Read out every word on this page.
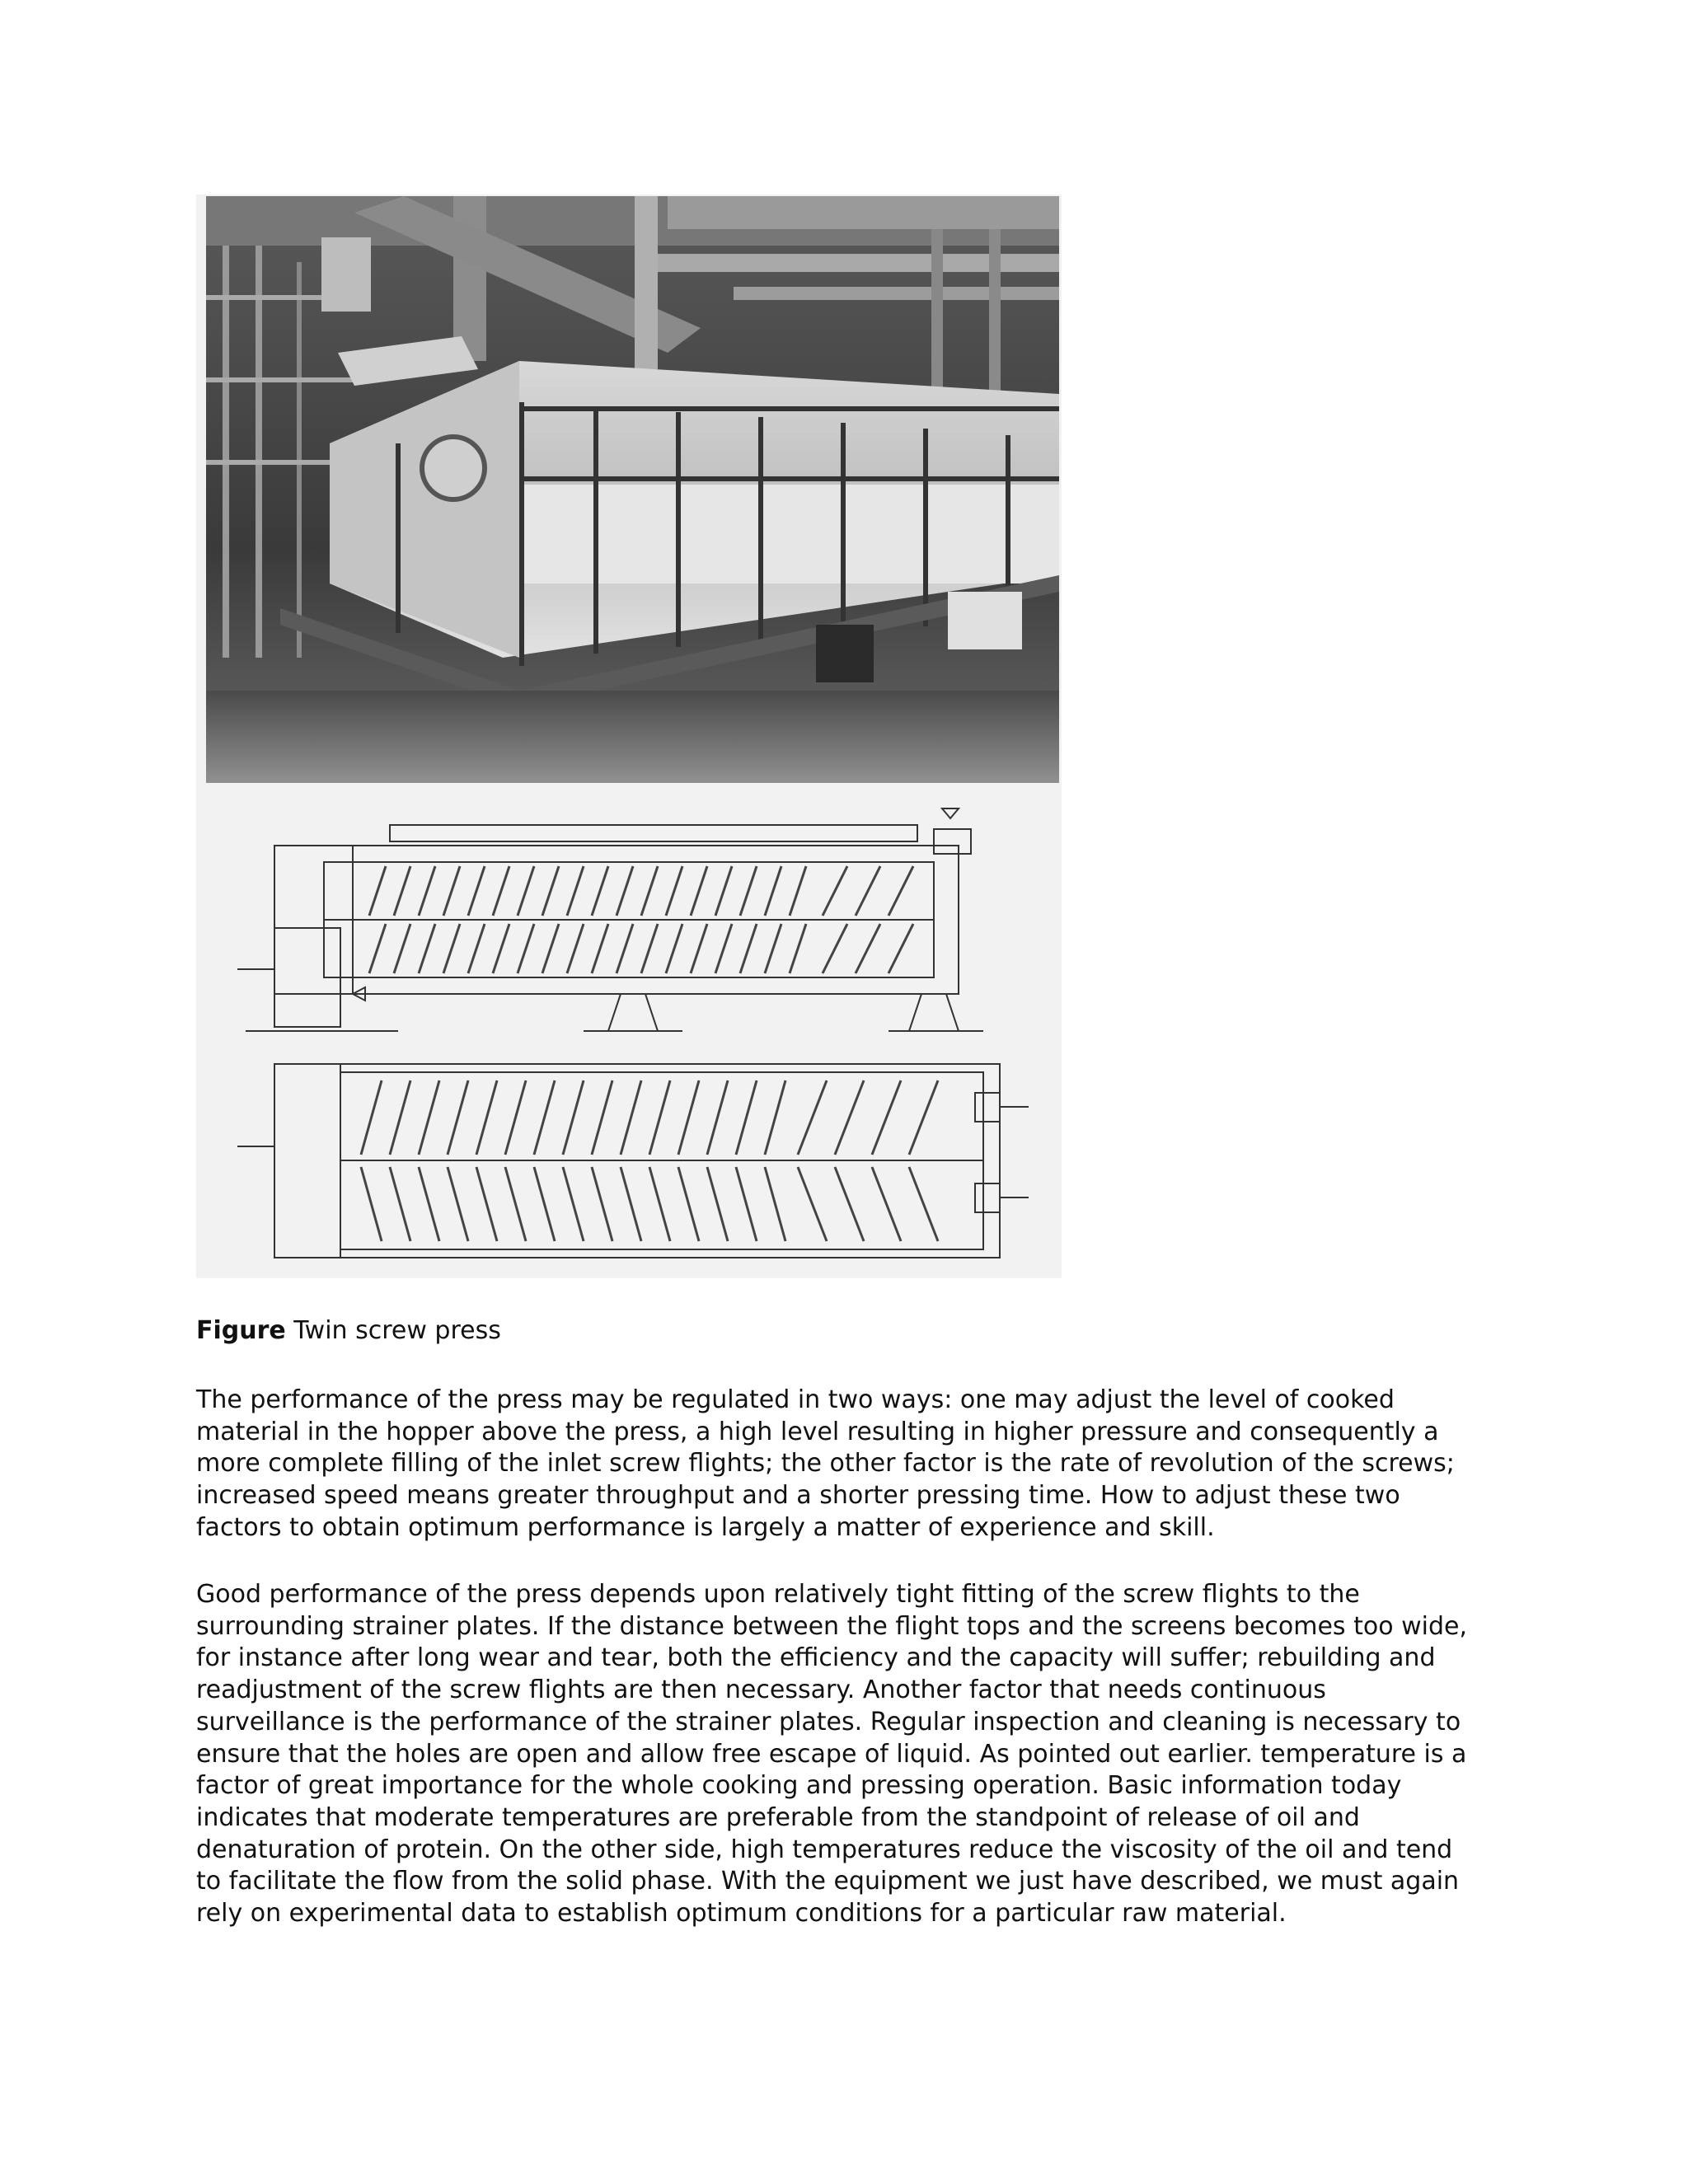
Figure Twin screw press

The performance of the press may be regulated in two ways: one may adjust the level of cooked
material in the hopper above the press, a high level resulting in higher pressure and consequently a
more complete filling of the inlet screw flights; the other factor is the rate of revolution of the screws;
increased speed means greater throughput and a shorter pressing time. How to adjust these two
factors to obtain optimum performance is largely a matter of experience and skill.

Good performance of the press depends upon relatively tight fitting of the screw flights to the
surrounding strainer plates. If the distance between the flight tops and the screens becomes too wide,
for instance after long wear and tear, both the efficiency and the capacity will suffer; rebuilding and
readjustment of the screw flights are then necessary. Another factor that needs continuous
surveillance is the performance of the strainer plates. Regular inspection and cleaning is necessary to
ensure that the holes are open and allow free escape of liquid. As pointed out earlier. temperature is a
factor of great importance for the whole cooking and pressing operation. Basic information today
indicates that moderate temperatures are preferable from the standpoint of release of oil and
denaturation of protein. On the other side, high temperatures reduce the viscosity of the oil and tend
to facilitate the flow from the solid phase. With the equipment we just have described, we must again
rely on experimental data to establish optimum conditions for a particular raw material.
